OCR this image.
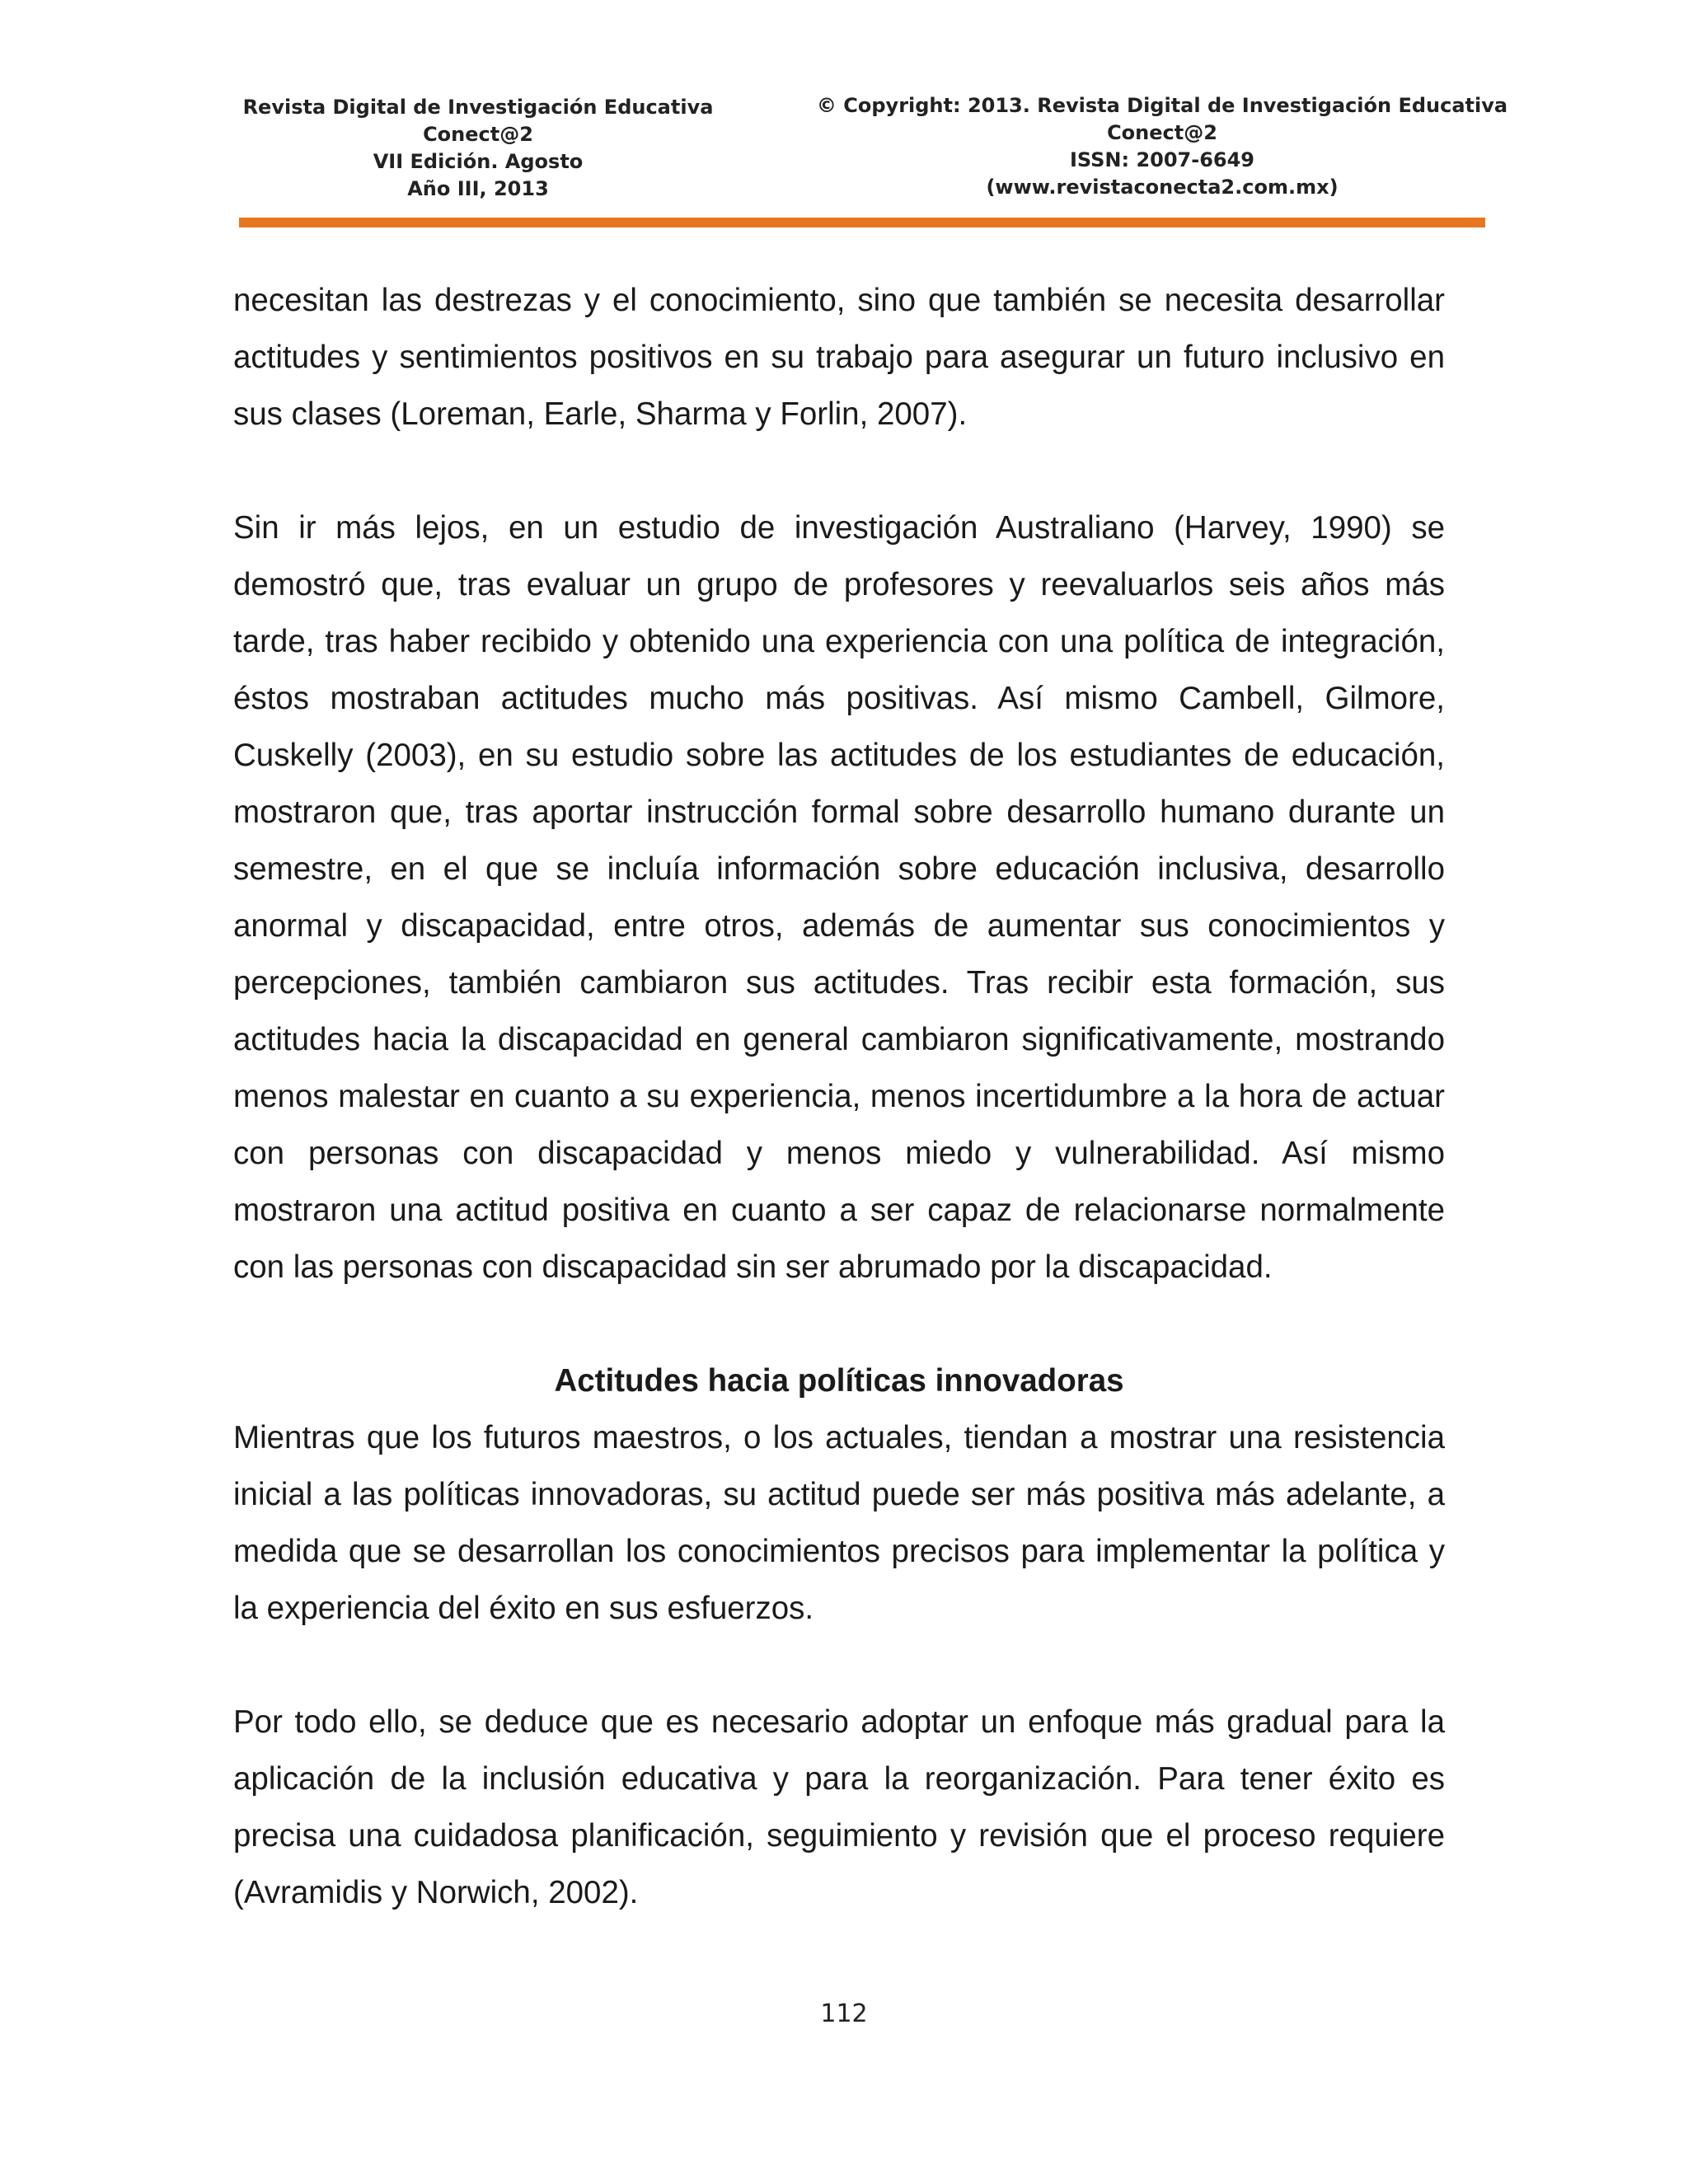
Revista Digital de Investigación Educativa
Conect@2
VII Edición. Agosto
Año III, 2013
© Copyright: 2013. Revista Digital de Investigación Educativa
Conect@2
ISSN: 2007-6649
(www.revistaconecta2.com.mx)

necesitan las destrezas y el conocimiento, sino que también se necesita desarrollar actitudes y sentimientos positivos en su trabajo para asegurar un futuro inclusivo en sus clases (Loreman, Earle, Sharma y Forlin, 2007).

Sin ir más lejos, en un estudio de investigación Australiano (Harvey, 1990) se demostró que, tras evaluar un grupo de profesores y reevaluarlos seis años más tarde, tras haber recibido y obtenido una experiencia con una política de integración, éstos mostraban actitudes mucho más positivas. Así mismo Cambell, Gilmore, Cuskelly (2003), en su estudio sobre las actitudes de los estudiantes de educación, mostraron que, tras aportar instrucción formal sobre desarrollo humano durante un semestre, en el que se incluía información sobre educación inclusiva, desarrollo anormal y discapacidad, entre otros, además de aumentar sus conocimientos y percepciones, también cambiaron sus actitudes. Tras recibir esta formación, sus actitudes hacia la discapacidad en general cambiaron significativamente, mostrando menos malestar en cuanto a su experiencia, menos incertidumbre a la hora de actuar con personas con discapacidad y menos miedo y vulnerabilidad. Así mismo mostraron una actitud positiva en cuanto a ser capaz de relacionarse normalmente con las personas con discapacidad sin ser abrumado por la discapacidad.

Actitudes hacia políticas innovadoras

Mientras que los futuros maestros, o los actuales, tiendan a mostrar una resistencia inicial a las políticas innovadoras, su actitud puede ser más positiva más adelante, a medida que se desarrollan los conocimientos precisos para implementar la política y la experiencia del éxito en sus esfuerzos.

Por todo ello, se deduce que es necesario adoptar un enfoque más gradual para la aplicación de la inclusión educativa y para la reorganización. Para tener éxito es precisa una cuidadosa planificación, seguimiento y revisión que el proceso requiere (Avramidis y Norwich, 2002).

112
